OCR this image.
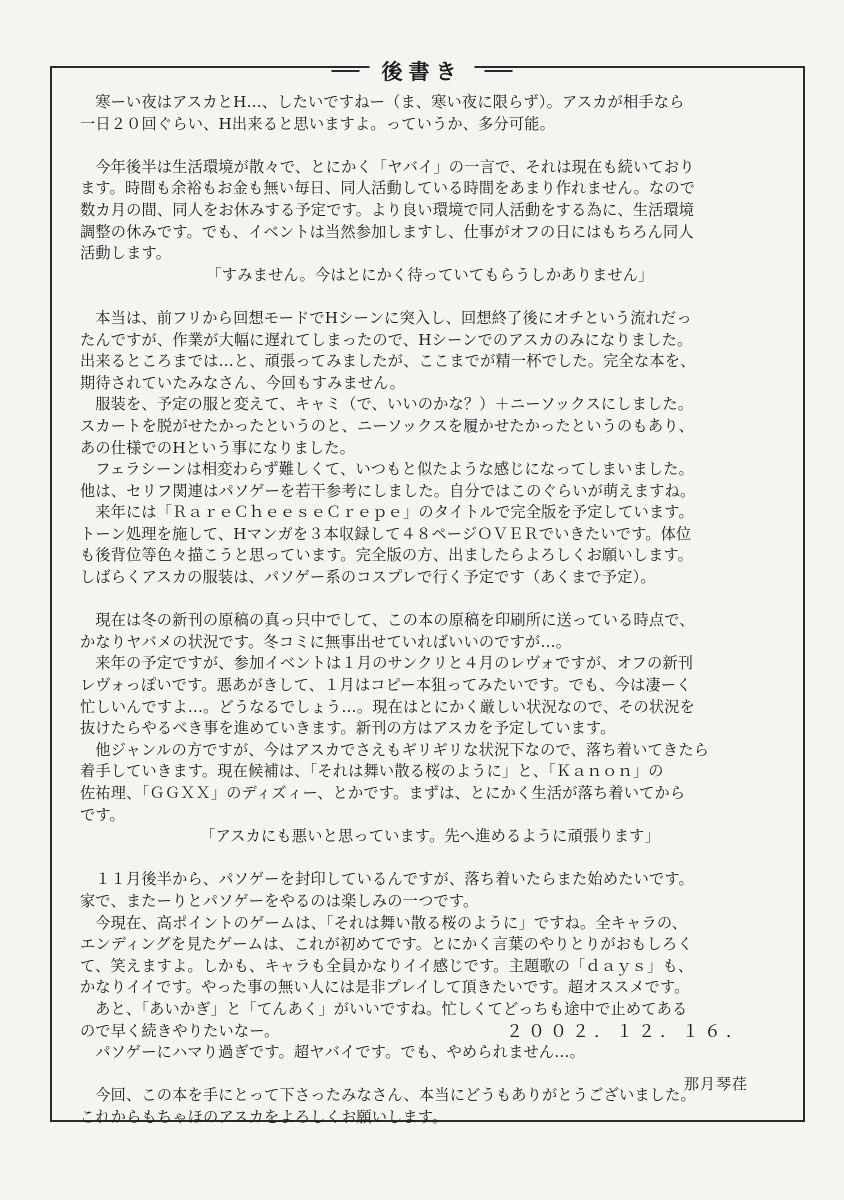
後書き

寒ーい夜はアスカとH…、したいですねー（ま、寒い夜に限らず）。アスカが相手なら
一日２０回ぐらい、H出来ると思いますよ。っていうか、多分可能。

今年後半は生活環境が散々で、とにかく「ヤバイ」の一言で、それは現在も続いており
ます。時間も余裕もお金も無い毎日、同人活動している時間をあまり作れません。なので
数カ月の間、同人をお休みする予定です。より良い環境で同人活動をする為に、生活環境
調整の休みです。でも、イベントは当然参加しますし、仕事がオフの日にはもちろん同人
活動します。

「すみません。今はとにかく待っていてもらうしかありません」

本当は、前フリから回想モードでHシーンに突入し、回想終了後にオチという流れだっ
たんですが、作業が大幅に遅れてしまったので、Hシーンでのアスカのみになりました。
出来るところまでは…と、頑張ってみましたが、ここまでが精一杯でした。完全な本を、
期待されていたみなさん、今回もすみません。

服装を、予定の服と変えて、キャミ（で、いいのかな？）＋ニーソックスにしました。
スカートを脱がせたかったというのと、ニーソックスを履かせたかったというのもあり、
あの仕様でのHという事になりました。

フェラシーンは相変わらず難しくて、いつもと似たような感じになってしまいました。
他は、セリフ関連はパソゲーを若干参考にしました。自分ではこのぐらいが萌えますね。

来年には「ＲａｒｅＣｈｅｅｓｅＣｒｅｐｅ」のタイトルで完全版を予定しています。
トーン処理を施して、Hマンガを３本収録して４８ページＯＶＥＲでいきたいです。体位
も後背位等色々描こうと思っています。完全版の方、出ましたらよろしくお願いします。
しばらくアスカの服装は、パソゲー系のコスプレで行く予定です（あくまで予定）。

現在は冬の新刊の原稿の真っ只中でして、この本の原稿を印刷所に送っている時点で、
かなりヤバメの状況です。冬コミに無事出せていればいいのですが…。

来年の予定ですが、参加イベントは１月のサンクリと４月のレヴォですが、オフの新刊
レヴォっぽいです。悪あがきして、１月はコピー本狙ってみたいです。でも、今は凄ーく
忙しいんですよ…。どうなるでしょう…。現在はとにかく厳しい状況なので、その状況を
抜けたらやるべき事を進めていきます。新刊の方はアスカを予定しています。

他ジャンルの方ですが、今はアスカでさえもギリギリな状況下なので、落ち着いてきたら
着手していきます。現在候補は、「それは舞い散る桜のように」と、「Ｋａｎｏｎ」の
佐祐理、「ＧＧＸＸ」のディズィー、とかです。まずは、とにかく生活が落ち着いてから
です。

「アスカにも悪いと思っています。先へ進めるように頑張ります」

１１月後半から、パソゲーを封印しているんですが、落ち着いたらまた始めたいです。
家で、またーりとパソゲーをやるのは楽しみの一つです。

今現在、高ポイントのゲームは、「それは舞い散る桜のように」ですね。全キャラの、
エンディングを見たゲームは、これが初めてです。とにかく言葉のやりとりがおもしろく
て、笑えますよ。しかも、キャラも全員かなりイイ感じです。主題歌の「ｄａｙｓ」も、
かなりイイです。やった事の無い人には是非プレイして頂きたいです。超オススメです。

あと、「あいかぎ」と「てんあく」がいいですね。忙しくてどっちも途中で止めてある
ので早く続きやりたいなー。

パソゲーにハマり過ぎです。超ヤバイです。でも、やめられません…。

今回、この本を手にとって下さったみなさん、本当にどうもありがとうございました。
これからもちゃほのアスカをよろしくお願いします。

２００２．１２．１６．
那月琴荏
